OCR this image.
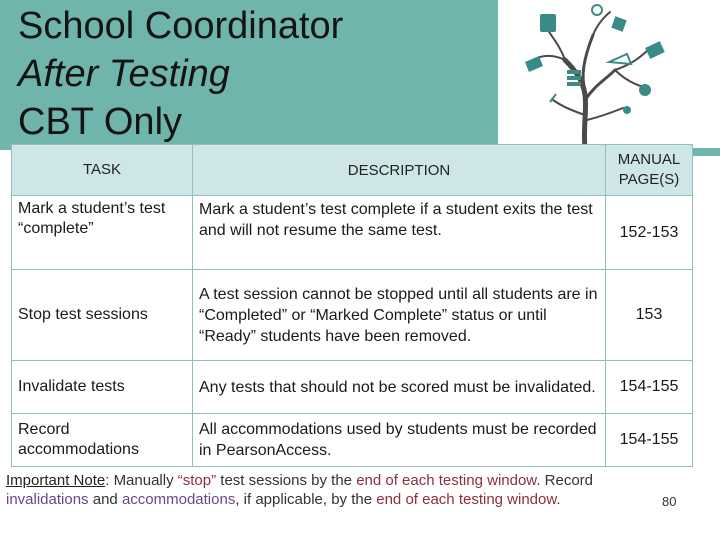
School Coordinator
After Testing
CBT Only
TASK	DESCRIPTION	MANUAL PAGE(S)
Mark a student’s test “complete”	Mark a student’s test complete if a student exits the test and will not resume the same test.	152-153
Stop test sessions	A test session cannot be stopped until all students are in “Completed” or “Marked Complete” status or until “Ready” students have been removed.	153
Invalidate tests	Any tests that should not be scored must be invalidated.	154-155
Record accommodations	All accommodations used by students must be recorded in PearsonAccess.	154-155
Important Note: Manually “stop” test sessions by the end of each testing window. Record invalidations and accommodations, if applicable, by the end of each testing window.	80
